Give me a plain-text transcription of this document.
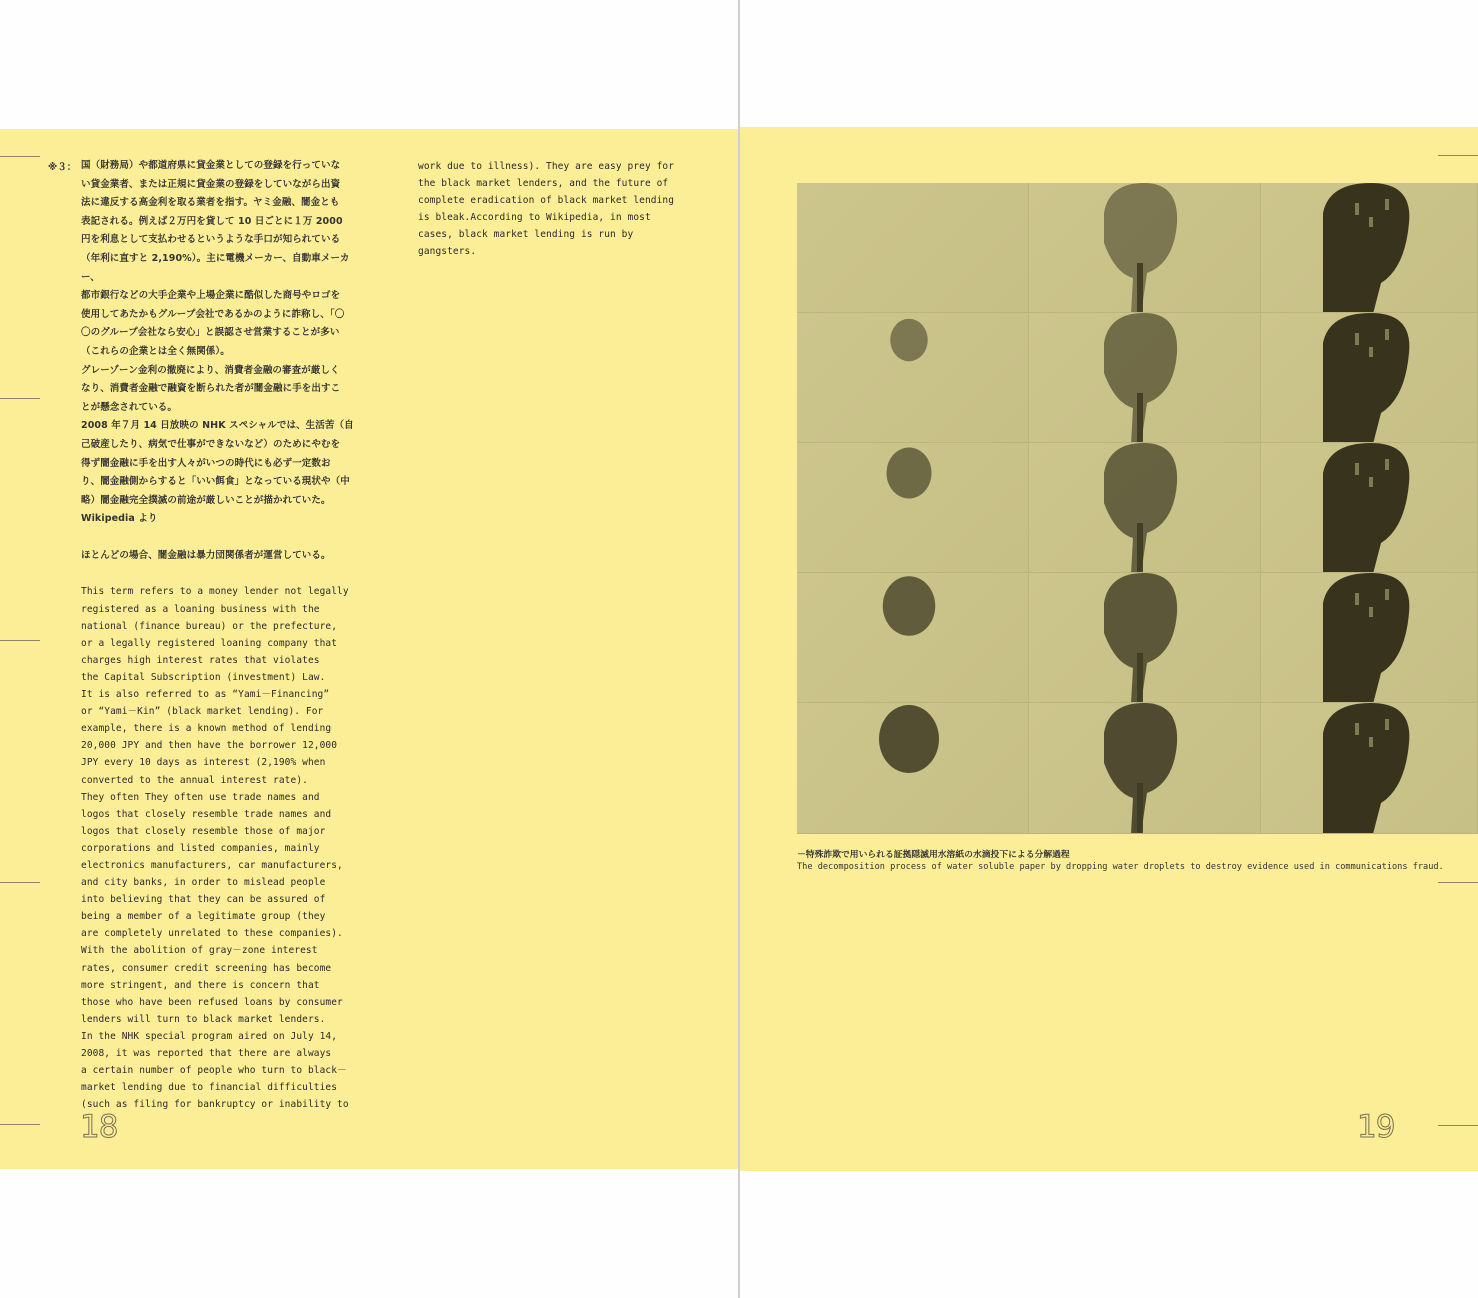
※３： 国（財務局）や都道府県に貸金業としての登録を行っていな
い貸金業者、または正規に貸金業の登録をしていながら出資
法に違反する高金利を取る業者を指す。ヤミ金融、闇金とも
表記される。例えば２万円を貸して 10 日ごとに１万 2000
円を利息として支払わせるというような手口が知られている
（年利に直すと 2,190%）。主に電機メーカー、自動車メーカー、
都市銀行などの大手企業や上場企業に酷似した商号やロゴを
使用してあたかもグループ会社であるかのように詐称し、「〇
〇のグループ会社なら安心」と誤認させ営業することが多い
（これらの企業とは全く無関係）。
グレーゾーン金利の撤廃により、消費者金融の審査が厳しく
なり、消費者金融で融資を断られた者が闇金融に手を出すこ
とが懸念されている。
2008 年７月 14 日放映の NHK スペシャルでは、生活苦（自
己破産したり、病気で仕事ができないなど）のためにやむを
得ず闇金融に手を出す人々がいつの時代にも必ず一定数お
り、闇金融側からすると「いい餌食」となっている現状や（中
略）闇金融完全撲滅の前途が厳しいことが描かれていた。
Wikipedia より
ほとんどの場合、闇金融は暴力団関係者が運営している。
This term refers to a money lender not legally
registered as a loaning business with the
national (finance bureau) or the prefecture,
or a legally registered loaning company that
charges high interest rates that violates
the Capital Subscription (investment) Law.
It is also referred to as “Yami－Financing”
or “Yami－Kin” (black market lending). For
example, there is a known method of lending
20,000 JPY and then have the borrower 12,000
JPY every 10 days as interest (2,190% when
converted to the annual interest rate).
They often They often use trade names and
logos that closely resemble trade names and
logos that closely resemble those of major
corporations and listed companies, mainly
electronics manufacturers, car manufacturers,
and city banks, in order to mislead people
into believing that they can be assured of
being a member of a legitimate group (they
are completely unrelated to these companies).
With the abolition of gray－zone interest
rates, consumer credit screening has become
more stringent, and there is concern that
those who have been refused loans by consumer
lenders will turn to black market lenders.
In the NHK special program aired on July 14,
2008, it was reported that there are always
a certain number of people who turn to black－
market lending due to financial difficulties
(such as filing for bankruptcy or inability to
work due to illness). They are easy prey for
the black market lenders, and the future of
complete eradication of black market lending
is bleak.According to Wikipedia, in most
cases, black market lending is run by
gangsters.
18
－特殊詐欺で用いられる証拠隠滅用水溶紙の水滴投下による分解過程
The decomposition process of water soluble paper by dropping water droplets to destroy evidence used in communications fraud.
19
